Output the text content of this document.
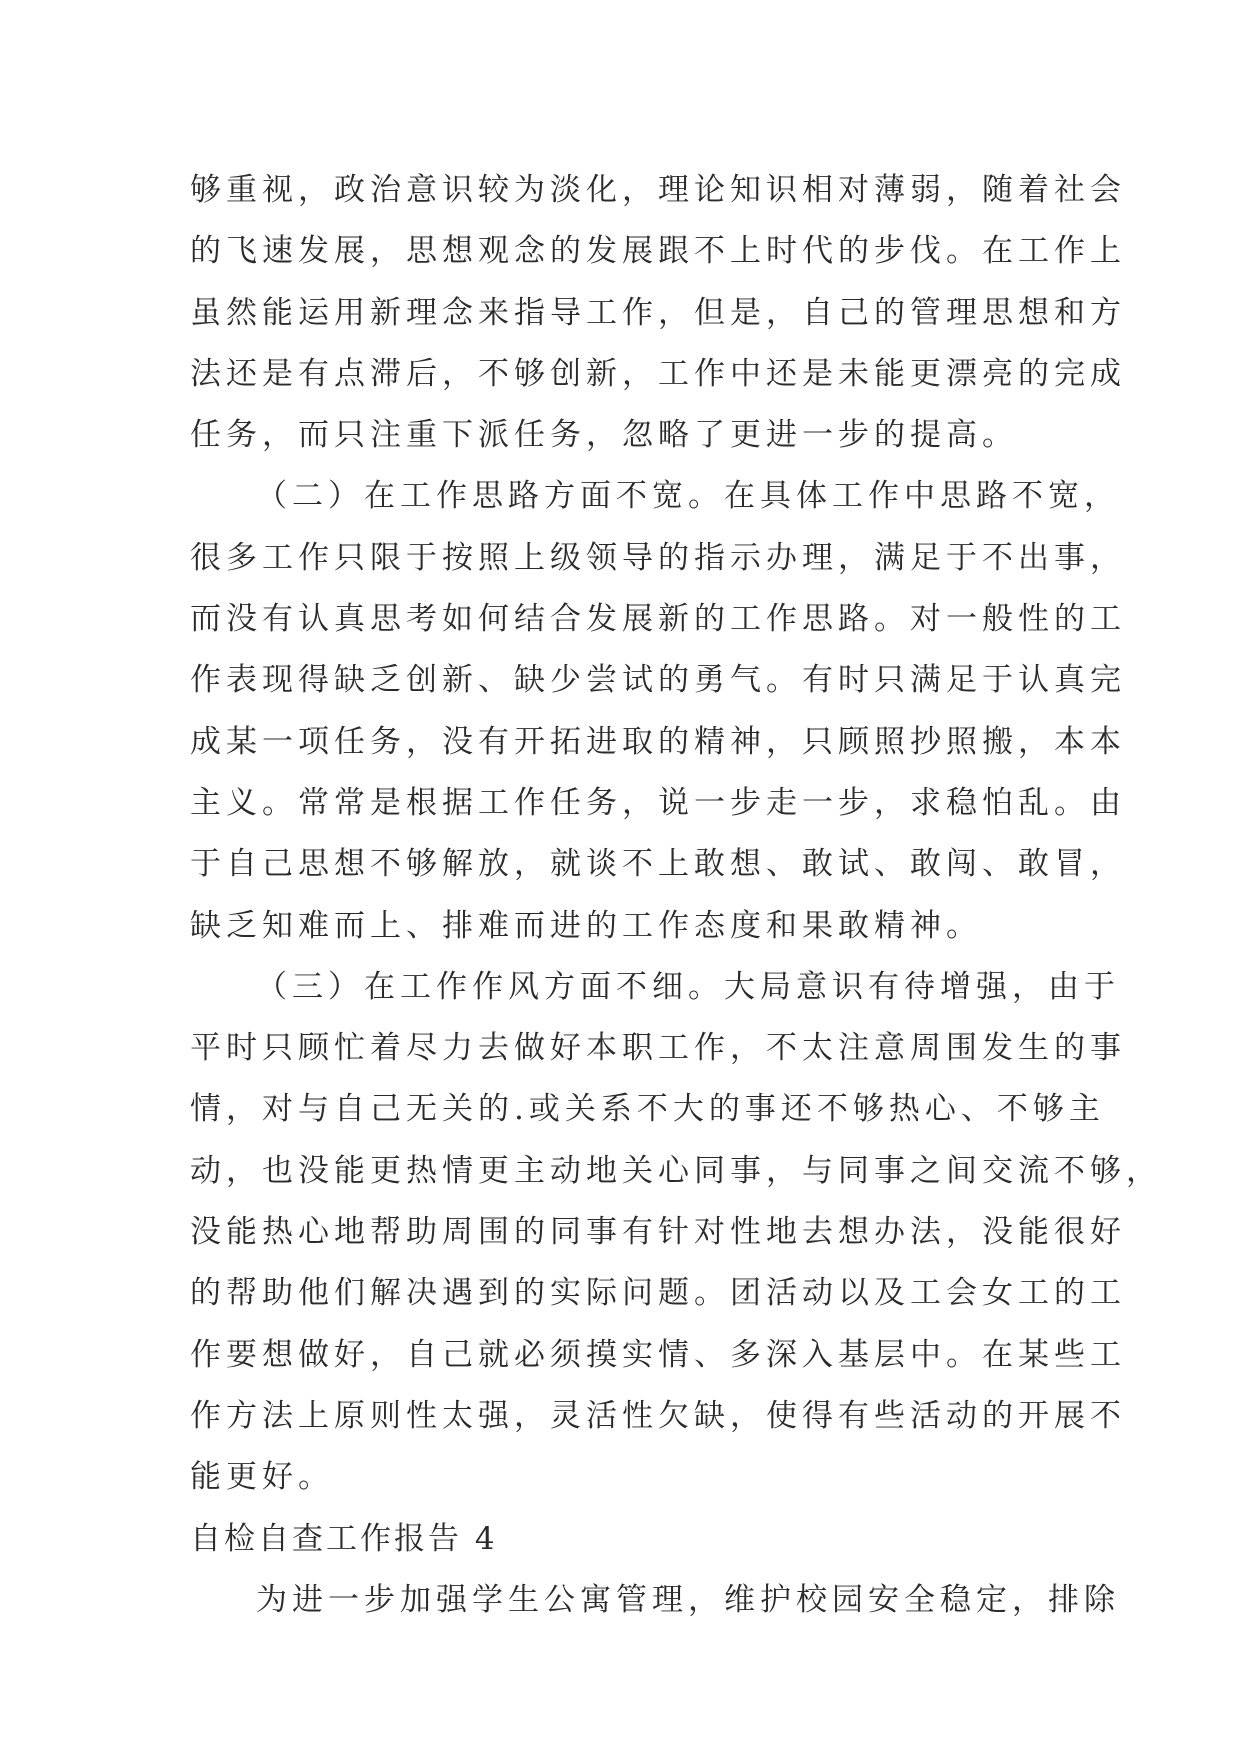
够重视，政治意识较为淡化，理论知识相对薄弱，随着社会
的飞速发展，思想观念的发展跟不上时代的步伐。在工作上
虽然能运用新理念来指导工作，但是，自己的管理思想和方
法还是有点滞后，不够创新，工作中还是未能更漂亮的完成
任务，而只注重下派任务，忽略了更进一步的提高。
（二）在工作思路方面不宽。在具体工作中思路不宽，
很多工作只限于按照上级领导的指示办理，满足于不出事，
而没有认真思考如何结合发展新的工作思路。对一般性的工
作表现得缺乏创新、缺少尝试的勇气。有时只满足于认真完
成某一项任务，没有开拓进取的精神，只顾照抄照搬，本本
主义。常常是根据工作任务，说一步走一步，求稳怕乱。由
于自己思想不够解放，就谈不上敢想、敢试、敢闯、敢冒，
缺乏知难而上、排难而进的工作态度和果敢精神。
（三）在工作作风方面不细。大局意识有待增强，由于
平时只顾忙着尽力去做好本职工作，不太注意周围发生的事
情，对与自己无关的.或关系不大的事还不够热心、不够主
动，也没能更热情更主动地关心同事，与同事之间交流不够，
没能热心地帮助周围的同事有针对性地去想办法，没能很好
的帮助他们解决遇到的实际问题。团活动以及工会女工的工
作要想做好，自己就必须摸实情、多深入基层中。在某些工
作方法上原则性太强，灵活性欠缺，使得有些活动的开展不
能更好。
自检自查工作报告 4
为进一步加强学生公寓管理，维护校园安全稳定，排除
